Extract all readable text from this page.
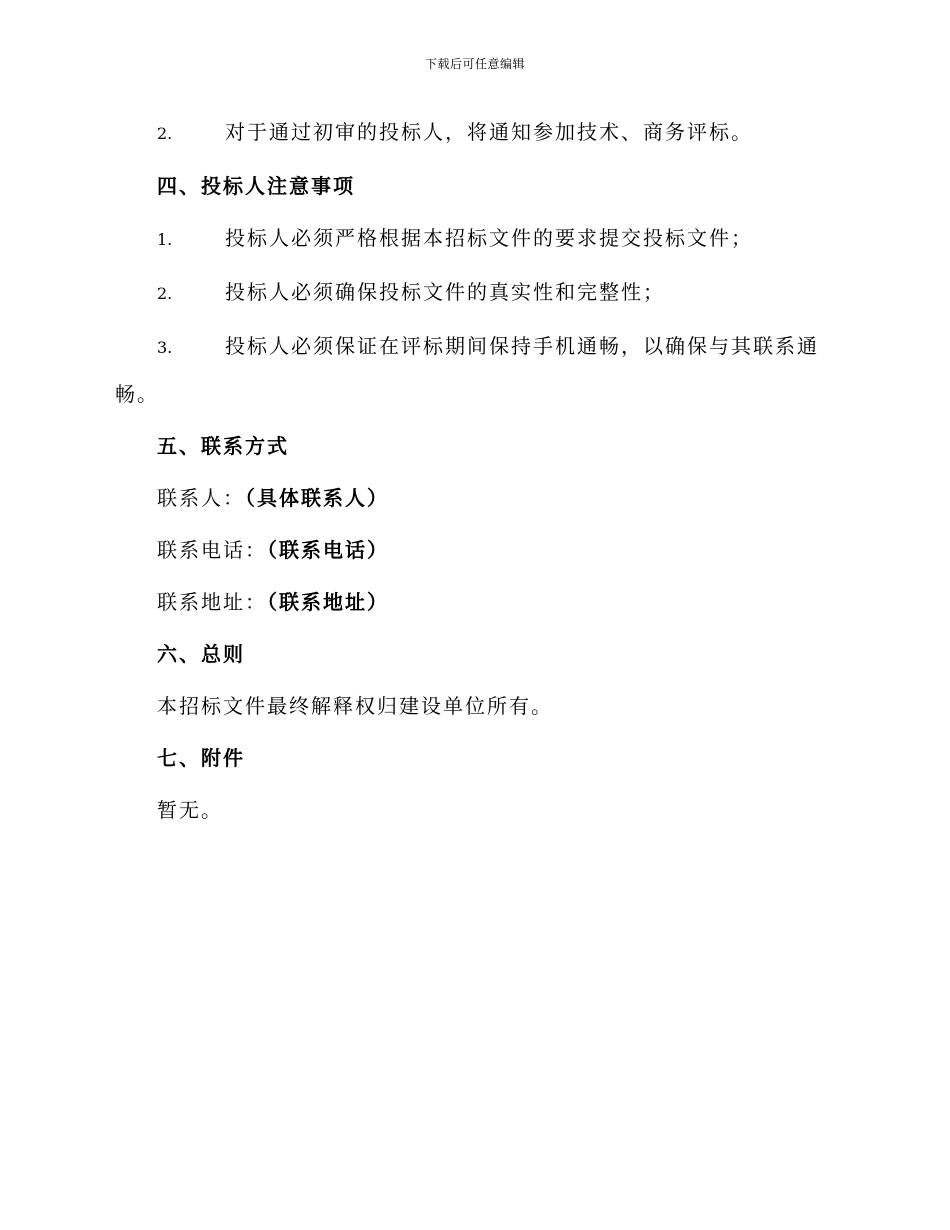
下载后可任意编辑
2.	对于通过初审的投标人，将通知参加技术、商务评标。
四、投标人注意事项
1.	投标人必须严格根据本招标文件的要求提交投标文件；
2.	投标人必须确保投标文件的真实性和完整性；
3.	投标人必须保证在评标期间保持手机通畅，以确保与其联系通
畅。
五、联系方式
联系人：（具体联系人）
联系电话：（联系电话）
联系地址：（联系地址）
六、总则
本招标文件最终解释权归建设单位所有。
七、附件
暂无。
